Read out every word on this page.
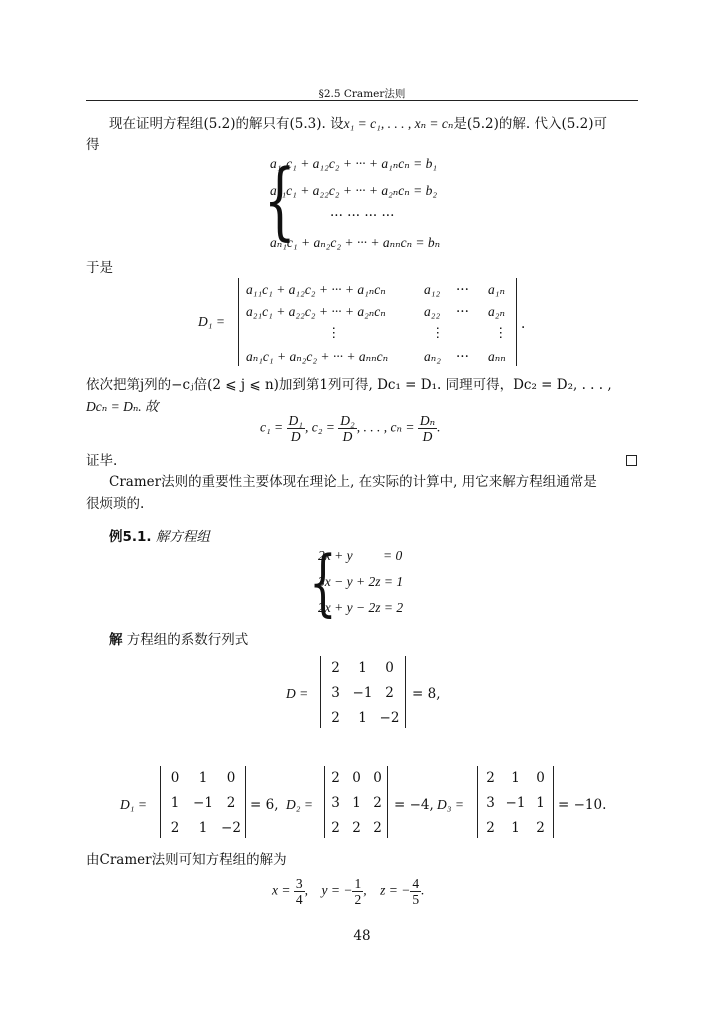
§2.5 Cramer法则
现在证明方程组(5.2)的解只有(5.3). 设x₁ = c₁, . . . , xₙ = cₙ是(5.2)的解. 代入(5.2)可
得
{
a₁₁c₁ + a₁₂c₂ + ··· + a₁ₙcₙ = b₁
a₂₁c₁ + a₂₂c₂ + ··· + a₂ₙcₙ = b₂
··· ··· ··· ···
aₙ₁c₁ + aₙ₂c₂ + ··· + aₙₙcₙ = bₙ
于是
D₁ =
a₁₁c₁ + a₁₂c₂ + ··· + a₁ₙcₙ	a₁₂ ··· a₁ₙ
a₂₁c₁ + a₂₂c₂ + ··· + a₂ₙcₙ	a₂₂ ··· a₂ₙ
⋮	⋮	⋮
aₙ₁c₁ + aₙ₂c₂ + ··· + aₙₙcₙ	aₙ₂ ··· aₙₙ
.
依次把第j列的−cⱼ倍(2 ⩽ j ⩽ n)加到第1列可得, Dc₁ = D₁. 同理可得，Dc₂ = D₂, . . . ,
Dcₙ = Dₙ. 故
$c_1 = \frac{\text{D₁}}{D}$ , $c_2 = \frac{\text{D₂}}{D}$ , . . . , $c_n = \frac{\text{Dₙ}}{D}$ .
证毕.
Cramer法则的重要性主要体现在理论上, 在实际的计算中, 用它来解方程组通常是
很烦琐的.
例5.1. 解方程组
{
2x + y         = 0
3x − y + 2z = 1
2x + y − 2z = 2
解 方程组的系数行列式
D =	= 8,
D₁ =	= 6, D₂ =	= −4, D₃ =	= −10.
由Cramer法则可知方程组的解为
$x = \frac{3}{4}$ ,    y = − $\frac{1}{2}$ ,    z = − $\frac{4}{5}$ .
48
2	1	0
3 −1 2
2	1 −2
0	1	0
1	−1	2
2	1	−2
2 0 0
3 1 2
2 2 2
2	1	0
3 −1 1
2	1	2
